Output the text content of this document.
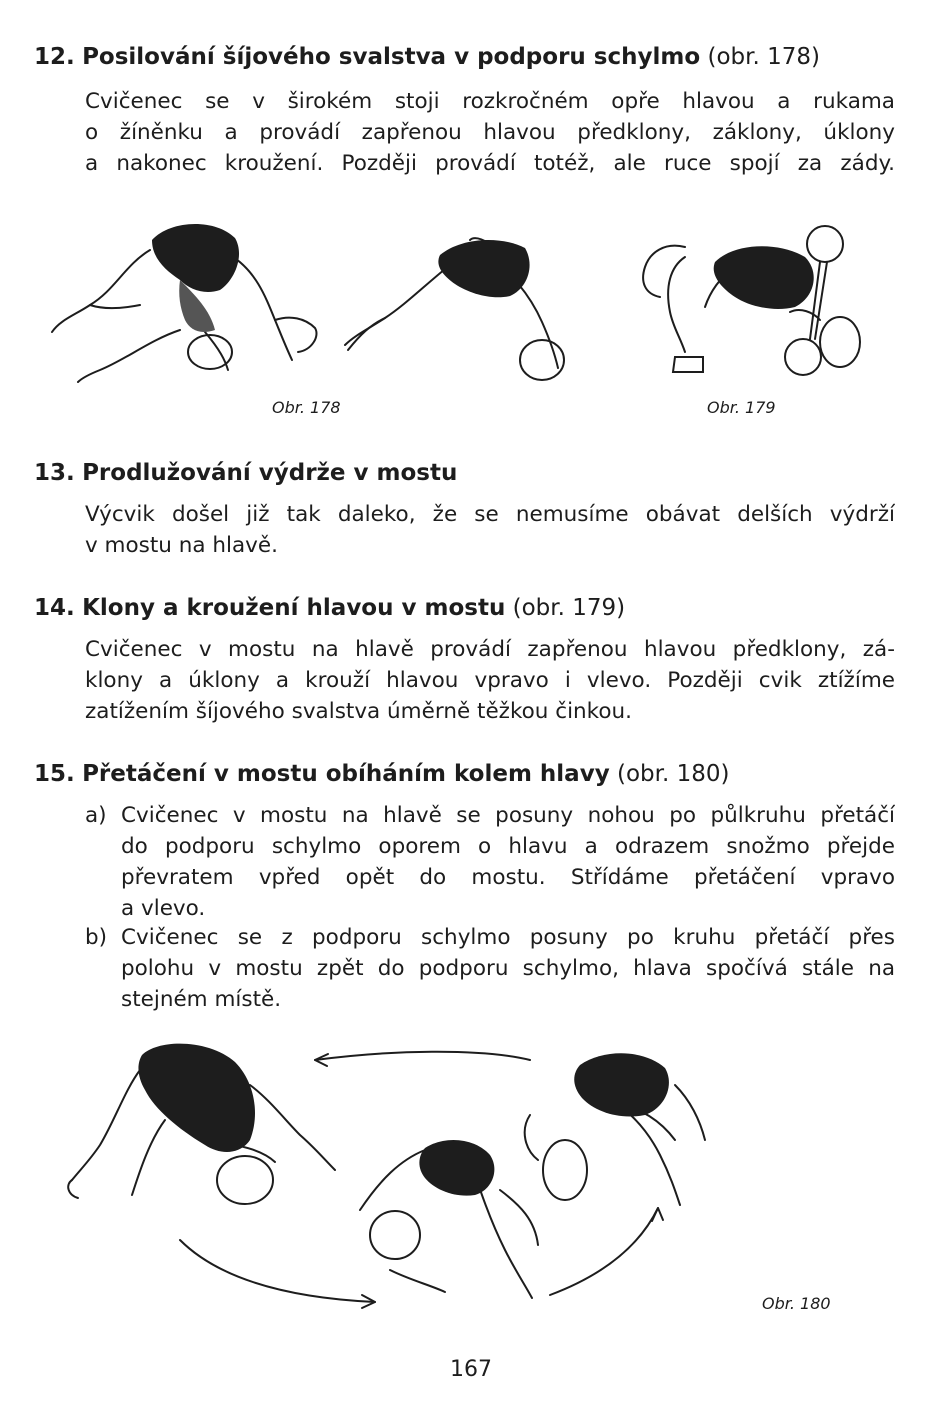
12. Posilování šíjového svalstva v podporu schylmo (obr. 178)
Cvičenec se v širokém stoji rozkročném opře hlavou a rukama
o žíněnku a provádí zapřenou hlavou předklony, záklony, úklony
a nakonec kroužení. Později provádí totéž, ale ruce spojí za zády.
Obr. 178	Obr. 179
13. Prodlužování výdrže v mostu
Výcvik došel již tak daleko, že se nemusíme obávat delších výdrží
v mostu na hlavě.
14. Klony a kroužení hlavou v mostu (obr. 179)
Cvičenec v mostu na hlavě provádí zapřenou hlavou předklony, zá-
klony a úklony a krouží hlavou vpravo i vlevo. Později cvik ztížíme
zatížením šíjového svalstva úměrně těžkou činkou.
15. Přetáčení v mostu obíháním kolem hlavy (obr. 180)
a) Cvičenec v mostu na hlavě se posuny nohou po půlkruhu přetáčí
do podporu schylmo oporem o hlavu a odrazem snožmo přejde
převratem vpřed opět do mostu. Střídáme přetáčení vpravo
a vlevo.
b) Cvičenec se z podporu schylmo posuny po kruhu přetáčí přes
polohu v mostu zpět do podporu schylmo, hlava spočívá stále na
stejném místě.
Obr. 180
167
